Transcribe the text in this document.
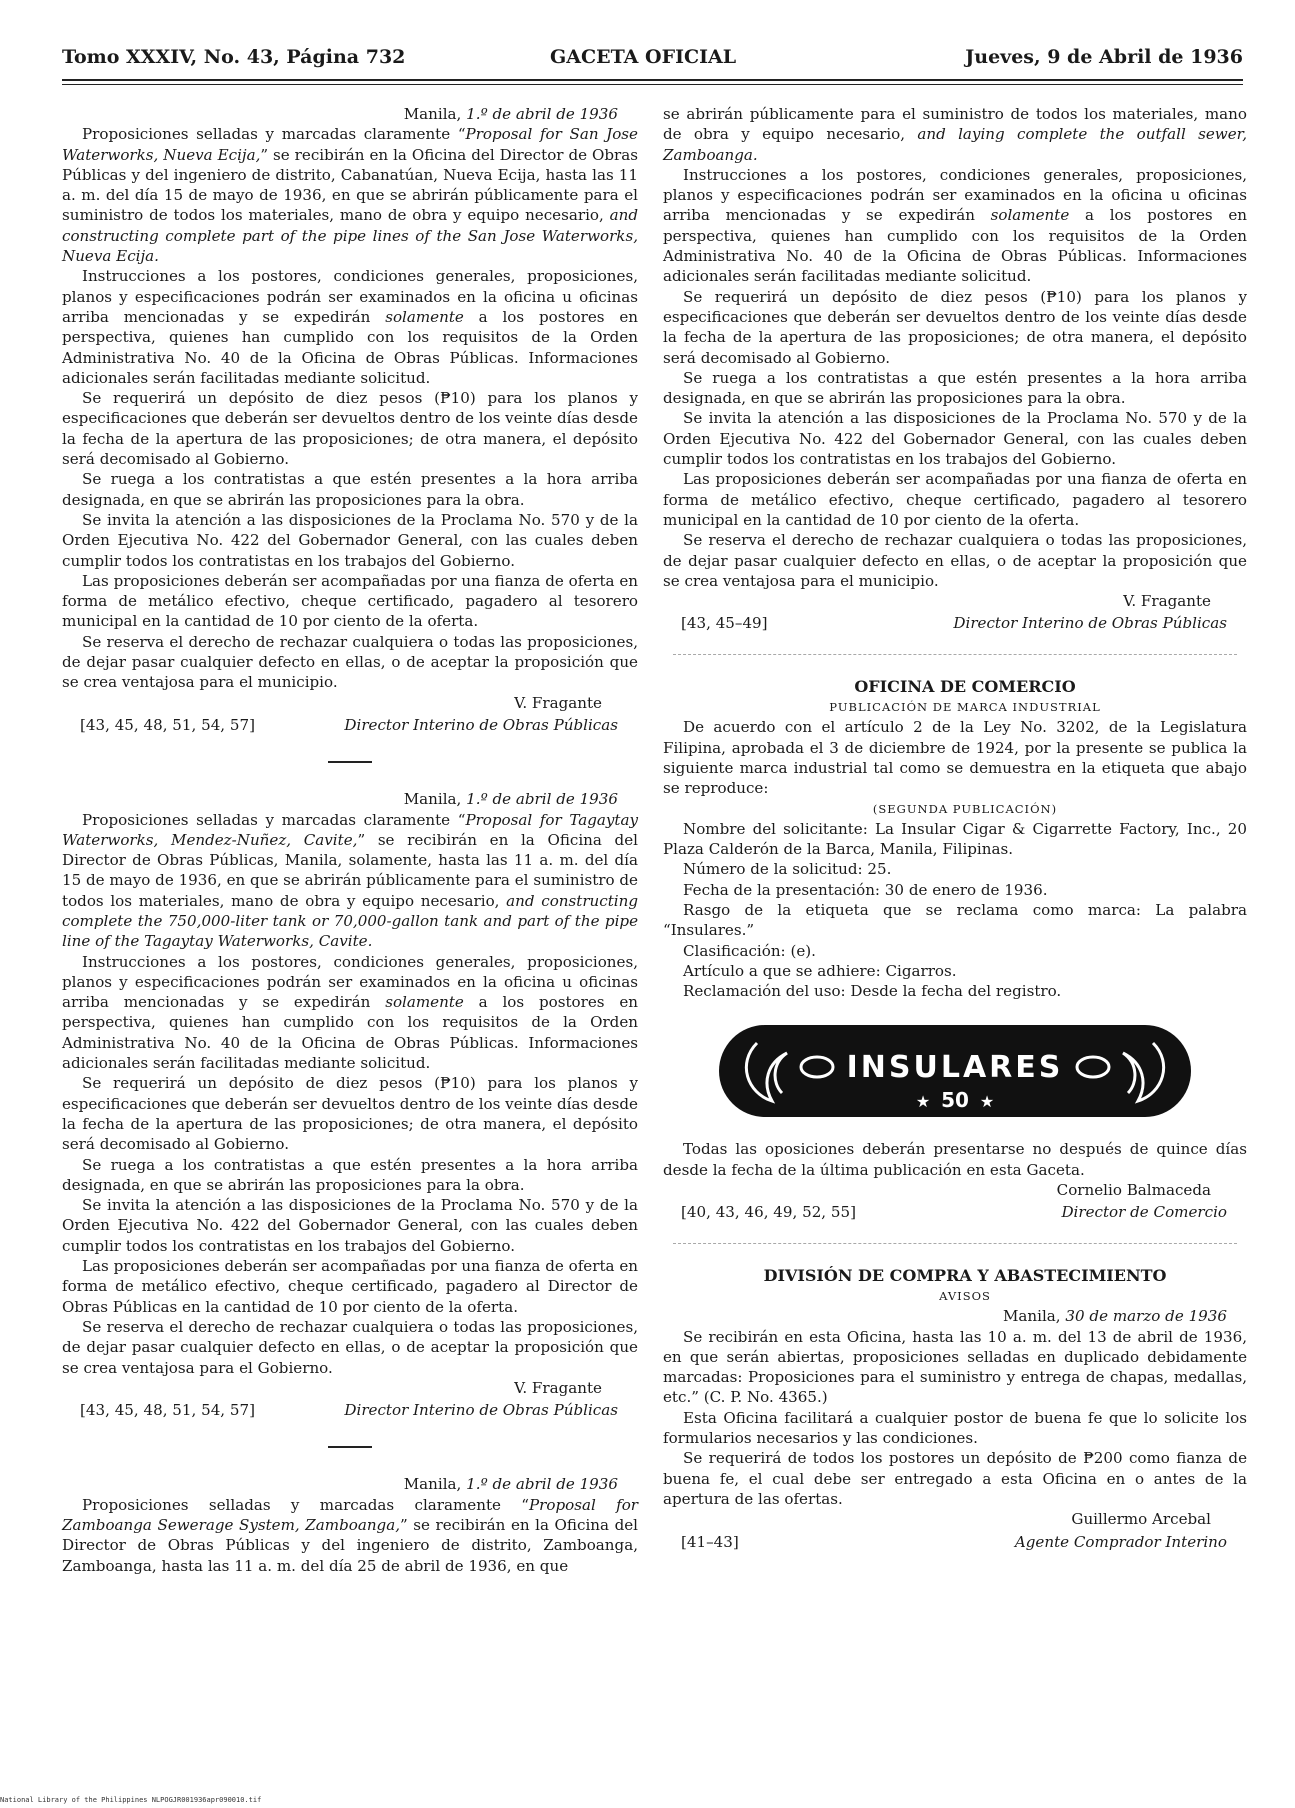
Tomo XXXIV, No. 43, Página 732	GACETA OFICIAL	Jueves, 9 de Abril de 1936

Manila, 1.º de abril de 1936

Proposiciones selladas y marcadas claramente “Proposal for San Jose Waterworks, Nueva Ecija,” se recibirán en la Oficina del Director de Obras Públicas y del ingeniero de distrito, Cabanatúan, Nueva Ecija, hasta las 11 a. m. del día 15 de mayo de 1936, en que se abrirán públicamente para el suministro de todos los materiales, mano de obra y equipo necesario, and constructing complete part of the pipe lines of the San Jose Waterworks, Nueva Ecija.

Instrucciones a los postores, condiciones generales, proposiciones, planos y especificaciones podrán ser examinados en la oficina u oficinas arriba mencionadas y se expedirán solamente a los postores en perspectiva, quienes han cumplido con los requisitos de la Orden Administrativa No. 40 de la Oficina de Obras Públicas. Informaciones adicionales serán facilitadas mediante solicitud.

Se requerirá un depósito de diez pesos (₱10) para los planos y especificaciones que deberán ser devueltos dentro de los veinte días desde la fecha de la apertura de las proposiciones; de otra manera, el depósito será decomisado al Gobierno.

Se ruega a los contratistas a que estén presentes a la hora arriba designada, en que se abrirán las proposiciones para la obra.

Se invita la atención a las disposiciones de la Proclama No. 570 y de la Orden Ejecutiva No. 422 del Gobernador General, con las cuales deben cumplir todos los contratistas en los trabajos del Gobierno.

Las proposiciones deberán ser acompañadas por una fianza de oferta en forma de metálico efectivo, cheque certificado, pagadero al tesorero municipal en la cantidad de 10 por ciento de la oferta.

Se reserva el derecho de rechazar cualquiera o todas las proposiciones, de dejar pasar cualquier defecto en ellas, o de aceptar la proposición que se crea ventajosa para el municipio.

V. Fragante
[43, 45, 48, 51, 54, 57]	Director Interino de Obras Públicas

Manila, 1.º de abril de 1936

Proposiciones selladas y marcadas claramente “Proposal for Tagaytay Waterworks, Mendez-Nuñez, Cavite,” se recibirán en la Oficina del Director de Obras Públicas, Manila, solamente, hasta las 11 a. m. del día 15 de mayo de 1936, en que se abrirán públicamente para el suministro de todos los materiales, mano de obra y equipo necesario, and constructing complete the 750,000-liter tank or 70,000-gallon tank and part of the pipe line of the Tagaytay Waterworks, Cavite.

Instrucciones a los postores, condiciones generales, proposiciones, planos y especificaciones podrán ser examinados en la oficina u oficinas arriba mencionadas y se expedirán solamente a los postores en perspectiva, quienes han cumplido con los requisitos de la Orden Administrativa No. 40 de la Oficina de Obras Públicas. Informaciones adicionales serán facilitadas mediante solicitud.

Se requerirá un depósito de diez pesos (₱10) para los planos y especificaciones que deberán ser devueltos dentro de los veinte días desde la fecha de la apertura de las proposiciones; de otra manera, el depósito será decomisado al Gobierno.

Se ruega a los contratistas a que estén presentes a la hora arriba designada, en que se abrirán las proposiciones para la obra.

Se invita la atención a las disposiciones de la Proclama No. 570 y de la Orden Ejecutiva No. 422 del Gobernador General, con las cuales deben cumplir todos los contratistas en los trabajos del Gobierno.

Las proposiciones deberán ser acompañadas por una fianza de oferta en forma de metálico efectivo, cheque certificado, pagadero al Director de Obras Públicas en la cantidad de 10 por ciento de la oferta.

Se reserva el derecho de rechazar cualquiera o todas las proposiciones, de dejar pasar cualquier defecto en ellas, o de aceptar la proposición que se crea ventajosa para el Gobierno.

V. Fragante
[43, 45, 48, 51, 54, 57]	Director Interino de Obras Públicas

Manila, 1.º de abril de 1936

Proposiciones selladas y marcadas claramente “Proposal for Zamboanga Sewerage System, Zamboanga,” se recibirán en la Oficina del Director de Obras Públicas y del ingeniero de distrito, Zamboanga, Zamboanga, hasta las 11 a. m. del día 25 de abril de 1936, en que

se abrirán públicamente para el suministro de todos los materiales, mano de obra y equipo necesario, and laying complete the outfall sewer, Zamboanga.

Instrucciones a los postores, condiciones generales, proposiciones, planos y especificaciones podrán ser examinados en la oficina u oficinas arriba mencionadas y se expedirán solamente a los postores en perspectiva, quienes han cumplido con los requisitos de la Orden Administrativa No. 40 de la Oficina de Obras Públicas. Informaciones adicionales serán facilitadas mediante solicitud.

Se requerirá un depósito de diez pesos (₱10) para los planos y especificaciones que deberán ser devueltos dentro de los veinte días desde la fecha de la apertura de las proposiciones; de otra manera, el depósito será decomisado al Gobierno.

Se ruega a los contratistas a que estén presentes a la hora arriba designada, en que se abrirán las proposiciones para la obra.

Se invita la atención a las disposiciones de la Proclama No. 570 y de la Orden Ejecutiva No. 422 del Gobernador General, con las cuales deben cumplir todos los contratistas en los trabajos del Gobierno.

Las proposiciones deberán ser acompañadas por una fianza de oferta en forma de metálico efectivo, cheque certificado, pagadero al tesorero municipal en la cantidad de 10 por ciento de la oferta.

Se reserva el derecho de rechazar cualquiera o todas las proposiciones, de dejar pasar cualquier defecto en ellas, o de aceptar la proposición que se crea ventajosa para el municipio.

V. Fragante
[43, 45–49]	Director Interino de Obras Públicas

OFICINA DE COMERCIO

PUBLICACIÓN DE MARCA INDUSTRIAL

De acuerdo con el artículo 2 de la Ley No. 3202, de la Legislatura Filipina, aprobada el 3 de diciembre de 1924, por la presente se publica la siguiente marca industrial tal como se demuestra en la etiqueta que abajo se reproduce:

(SEGUNDA PUBLICACIÓN)

Nombre del solicitante: La Insular Cigar & Cigarrette Factory, Inc., 20 Plaza Calderón de la Barca, Manila, Filipinas.

Número de la solicitud: 25.

Fecha de la presentación: 30 de enero de 1936.

Rasgo de la etiqueta que se reclama como marca: La palabra “Insulares.”

Clasificación: (e).

Artículo a que se adhiere: Cigarros.

Reclamación del uso: Desde la fecha del registro.

INSULARES
50
★	★

Todas las oposiciones deberán presentarse no después de quince días desde la fecha de la última publicación en esta Gaceta.

Cornelio Balmaceda
[40, 43, 46, 49, 52, 55]	Director de Comercio

DIVISIÓN DE COMPRA Y ABASTECIMIENTO

AVISOS

Manila, 30 de marzo de 1936

Se recibirán en esta Oficina, hasta las 10 a. m. del 13 de abril de 1936, en que serán abiertas, proposiciones selladas en duplicado debidamente marcadas: Proposiciones para el suministro y entrega de chapas, medallas, etc.” (C. P. No. 4365.)

Esta Oficina facilitará a cualquier postor de buena fe que lo solicite los formularios necesarios y las condiciones.

Se requerirá de todos los postores un depósito de ₱200 como fianza de buena fe, el cual debe ser entregado a esta Oficina en o antes de la apertura de las ofertas.

Guillermo Arcebal
[41–43]	Agente Comprador Interino
National Library of the Philippines NLPOGJR001936apr090010.tif
